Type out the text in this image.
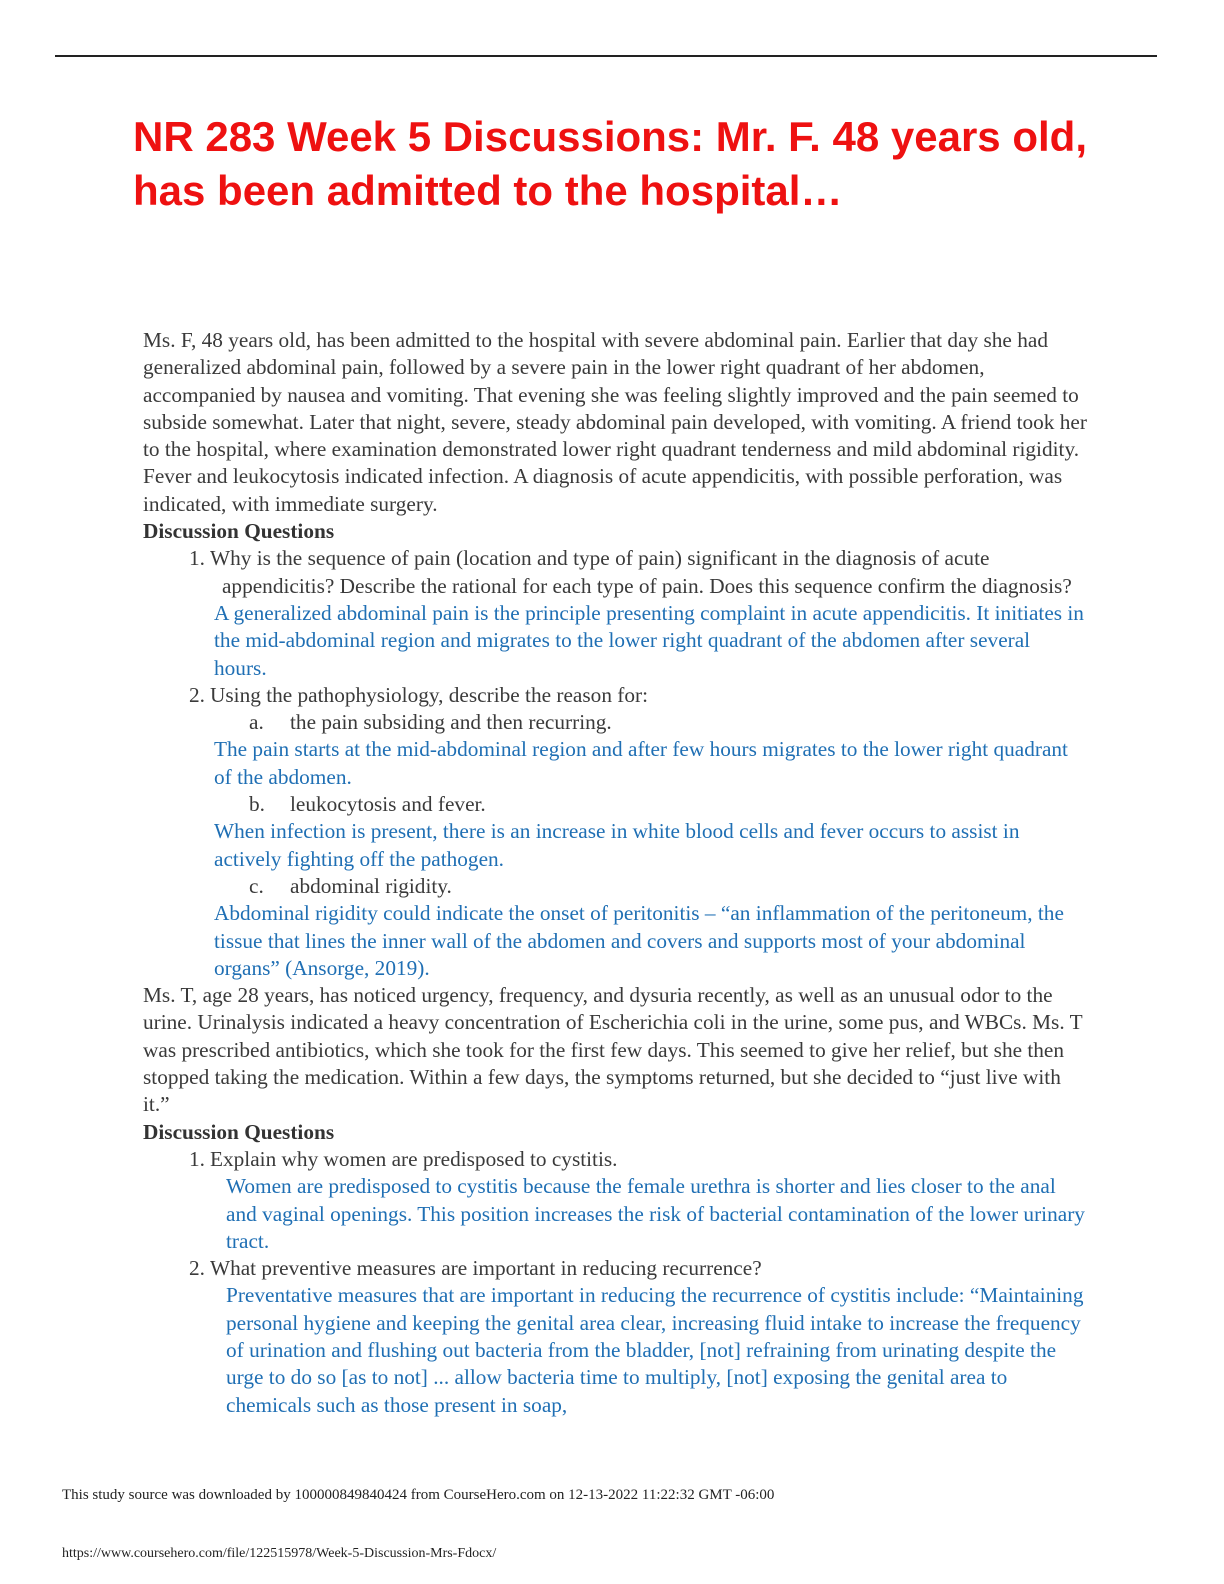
NR 283 Week 5 Discussions: Mr. F. 48 years old, has been admitted to the hospital…

Ms. F, 48 years old, has been admitted to the hospital with severe abdominal pain. Earlier that day she had generalized abdominal pain, followed by a severe pain in the lower right quadrant of her abdomen, accompanied by nausea and vomiting. That evening she was feeling slightly improved and the pain seemed to subside somewhat. Later that night, severe, steady abdominal pain developed, with vomiting. A friend took her to the hospital, where examination demonstrated lower right quadrant tenderness and mild abdominal rigidity. Fever and leukocytosis indicated infection. A diagnosis of acute appendicitis, with possible perforation, was indicated, with immediate surgery.

Discussion Questions

1. Why is the sequence of pain (location and type of pain) significant in the diagnosis of acute appendicitis? Describe the rational for each type of pain. Does this sequence confirm the diagnosis?

A generalized abdominal pain is the principle presenting complaint in acute appendicitis. It initiates in the mid-abdominal region and migrates to the lower right quadrant of the abdomen after several hours.

2. Using the pathophysiology, describe the reason for:
a.	the pain subsiding and then recurring.

The pain starts at the mid-abdominal region and after few hours migrates to the lower right quadrant of the abdomen.

b.	leukocytosis and fever.

When infection is present, there is an increase in white blood cells and fever occurs to assist in actively fighting off the pathogen.

c.	abdominal rigidity.

Abdominal rigidity could indicate the onset of peritonitis – “an inflammation of the peritoneum, the tissue that lines the inner wall of the abdomen and covers and supports most of your abdominal organs” (Ansorge, 2019).

Ms. T, age 28 years, has noticed urgency, frequency, and dysuria recently, as well as an unusual odor to the urine. Urinalysis indicated a heavy concentration of Escherichia coli in the urine, some pus, and WBCs. Ms. T was prescribed antibiotics, which she took for the first few days. This seemed to give her relief, but she then stopped taking the medication. Within a few days, the symptoms returned, but she decided to “just live with it.”

Discussion Questions

1. Explain why women are predisposed to cystitis.

Women are predisposed to cystitis because the female urethra is shorter and lies closer to the anal and vaginal openings. This position increases the risk of bacterial contamination of the lower urinary tract.

2. What preventive measures are important in reducing recurrence?

Preventative measures that are important in reducing the recurrence of cystitis include: “Maintaining personal hygiene and keeping the genital area clear, increasing fluid intake to increase the frequency of urination and flushing out bacteria from the bladder, [not] refraining from urinating despite the urge to do so [as to not] ... allow bacteria time to multiply, [not] exposing the genital area to chemicals such as those present in soap,

This study source was downloaded by 100000849840424 from CourseHero.com on 12-13-2022 11:22:32 GMT -06:00
https://www.coursehero.com/file/122515978/Week-5-Discussion-Mrs-Fdocx/
